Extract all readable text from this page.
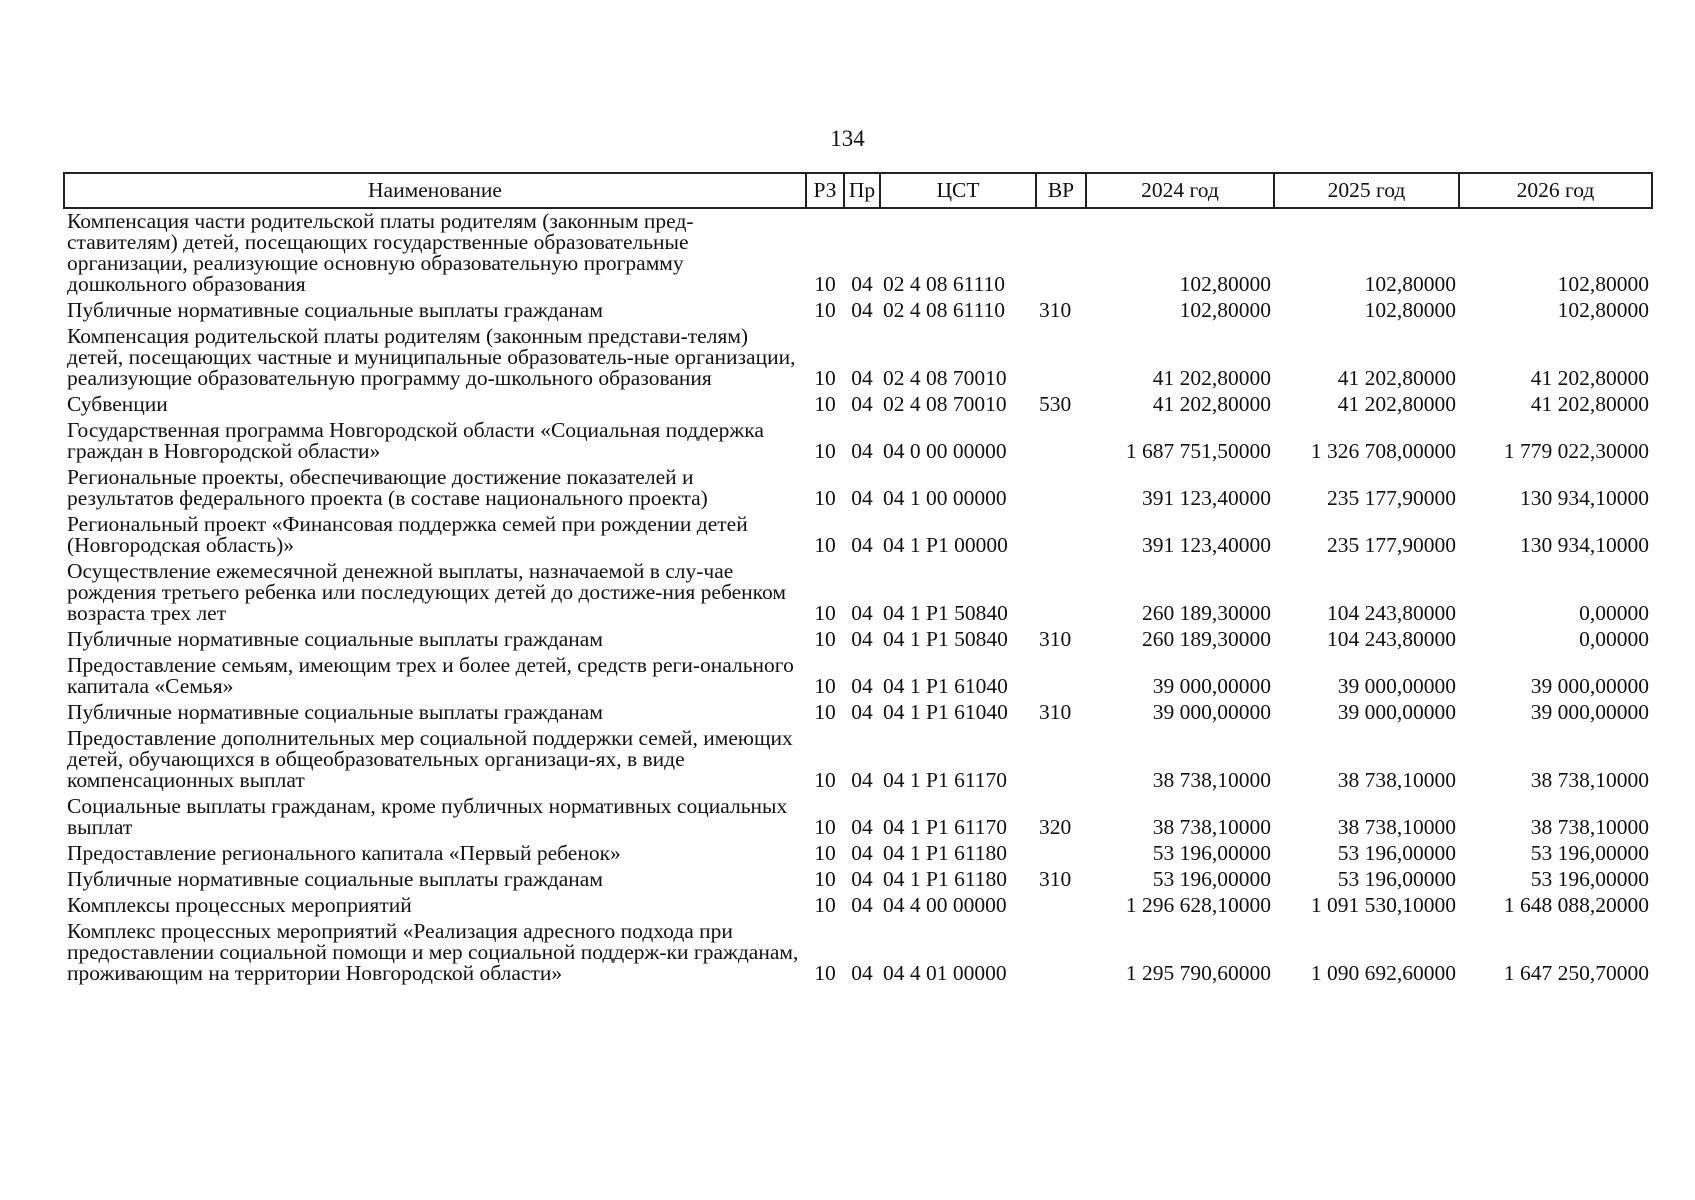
134
Наименование	РЗ	Пр	ЦСТ	ВР	2024 год	2025 год	2026 год
Компенсация части родительской платы родителям (законным пред-ставителям) детей, посещающих государственные образовательные организации, реализующие основную образовательную программу дошкольного образования	10	04	02 4 08 61110		102,80000	102,80000	102,80000
Публичные нормативные социальные выплаты гражданам	10	04	02 4 08 61110	310	102,80000	102,80000	102,80000
Компенсация родительской платы родителям (законным представи-телям) детей, посещающих частные и муниципальные образователь-ные организации, реализующие образовательную программу до-школьного образования	10	04	02 4 08 70010		41 202,80000	41 202,80000	41 202,80000
Субвенции	10	04	02 4 08 70010	530	41 202,80000	41 202,80000	41 202,80000
Государственная программа Новгородской области «Социальная поддержка граждан в Новгородской области»	10	04	04 0 00 00000		1 687 751,50000	1 326 708,00000	1 779 022,30000
Региональные проекты, обеспечивающие достижение показателей и результатов федерального проекта (в составе национального проекта)	10	04	04 1 00 00000		391 123,40000	235 177,90000	130 934,10000
Региональный проект «Финансовая поддержка семей при рождении детей (Новгородская область)»	10	04	04 1 P1 00000		391 123,40000	235 177,90000	130 934,10000
Осуществление ежемесячной денежной выплаты, назначаемой в слу-чае рождения третьего ребенка или последующих детей до достиже-ния ребенком возраста трех лет	10	04	04 1 P1 50840		260 189,30000	104 243,80000	0,00000
Публичные нормативные социальные выплаты гражданам	10	04	04 1 P1 50840	310	260 189,30000	104 243,80000	0,00000
Предоставление семьям, имеющим трех и более детей, средств реги-онального капитала «Семья»	10	04	04 1 P1 61040		39 000,00000	39 000,00000	39 000,00000
Публичные нормативные социальные выплаты гражданам	10	04	04 1 P1 61040	310	39 000,00000	39 000,00000	39 000,00000
Предоставление дополнительных мер социальной поддержки семей, имеющих детей, обучающихся в общеобразовательных организаци-ях, в виде компенсационных выплат	10	04	04 1 P1 61170		38 738,10000	38 738,10000	38 738,10000
Социальные выплаты гражданам, кроме публичных нормативных социальных выплат	10	04	04 1 P1 61170	320	38 738,10000	38 738,10000	38 738,10000
Предоставление регионального капитала «Первый ребенок»	10	04	04 1 P1 61180		53 196,00000	53 196,00000	53 196,00000
Публичные нормативные социальные выплаты гражданам	10	04	04 1 P1 61180	310	53 196,00000	53 196,00000	53 196,00000
Комплексы процессных мероприятий	10	04	04 4 00 00000		1 296 628,10000	1 091 530,10000	1 648 088,20000
Комплекс процессных мероприятий «Реализация адресного подхода при предоставлении социальной помощи и мер социальной поддерж-ки гражданам, проживающим на территории Новгородской области»	10	04	04 4 01 00000		1 295 790,60000	1 090 692,60000	1 647 250,70000
